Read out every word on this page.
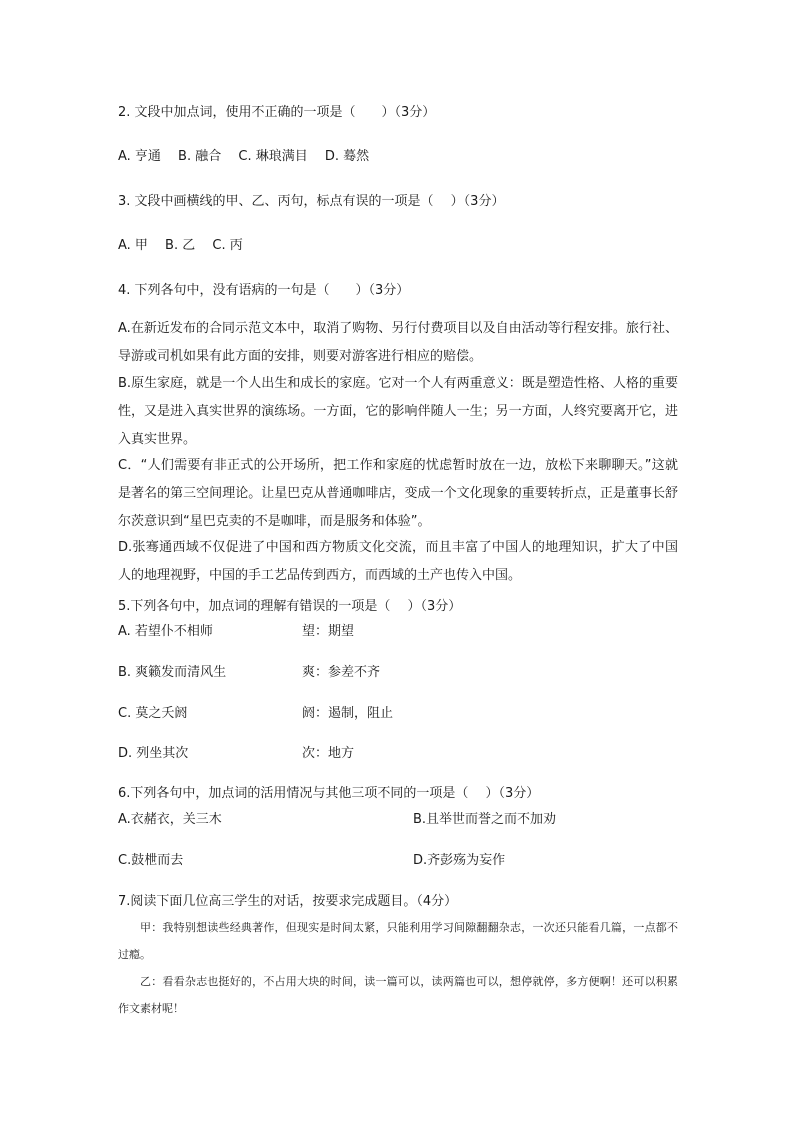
2. 文段中加点词，使用不正确的一项是（　　）（3分）
A. 亨通　 B. 融合　 C. 琳琅满目　 D. 蓦然
3. 文段中画横线的甲、乙、丙句，标点有误的一项是（　 ）（3分）
A. 甲　 B. 乙　 C. 丙
4. 下列各句中，没有语病的一句是（　　）（3分）
A.在新近发布的合同示范文本中，取消了购物、另行付费项目以及自由活动等行程安排。旅行社、导游或司机如果有此方面的安排，则要对游客进行相应的赔偿。
B.原生家庭，就是一个人出生和成长的家庭。它对一个人有两重意义：既是塑造性格、人格的重要性，又是进入真实世界的演练场。一方面，它的影响伴随人一生；另一方面，人终究要离开它，进入真实世界。
C．“人们需要有非正式的公开场所，把工作和家庭的忧虑暂时放在一边，放松下来聊聊天。”这就是著名的第三空间理论。让星巴克从普通咖啡店，变成一个文化现象的重要转折点，正是董事长舒尔茨意识到“星巴克卖的不是咖啡，而是服务和体验”。
D.张骞通西域不仅促进了中国和西方物质文化交流，而且丰富了中国人的地理知识，扩大了中国人的地理视野，中国的手工艺品传到西方，而西域的土产也传入中国。
5.下列各句中，加点词的理解有错误的一项是（　 ）（3分）
A. 若望仆不相师	望：期望
B. 爽籁发而清风生	爽：参差不齐
C. 莫之夭阏	阏：遏制，阻止
D. 列坐其次	次：地方
6.下列各句中，加点词的活用情况与其他三项不同的一项是（　 ）（3分）
A.衣赭衣，关三木	B.且举世而誉之而不加劝
C.鼓枻而去	D.齐彭殇为妄作
7.阅读下面几位高三学生的对话，按要求完成题目。（4分）
甲：我特别想读些经典著作，但现实是时间太紧，只能利用学习间隙翻翻杂志，一次还只能看几篇，一点都不过瘾。
乙：看看杂志也挺好的，不占用大块的时间，读一篇可以，读两篇也可以，想停就停，多方便啊！还可以积累作文素材呢！
